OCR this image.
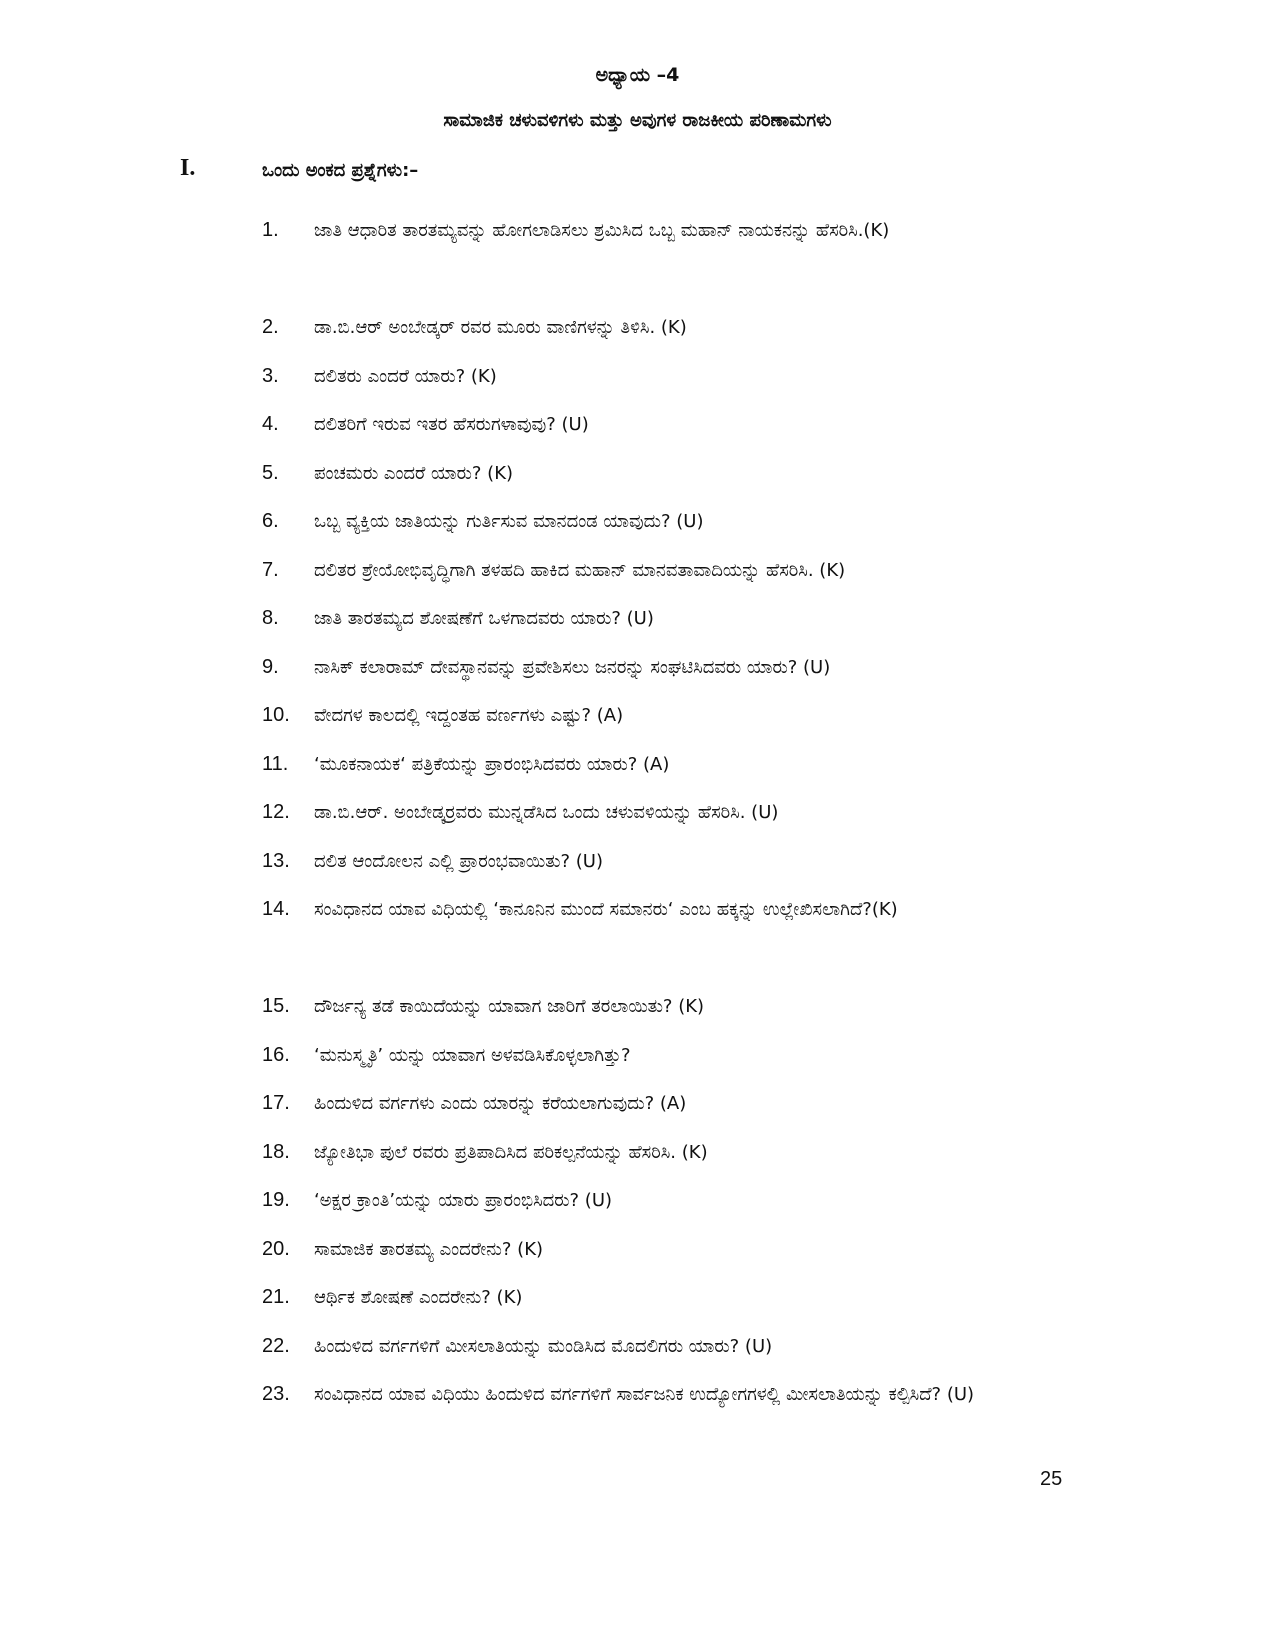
ಅಧ್ಯಾಯ –4
ಸಾಮಾಜಿಕ ಚಳುವಳಿಗಳು ಮತ್ತು ಅವುಗಳ ರಾಜಕೀಯ ಪರಿಣಾಮಗಳು
I.	ಒಂದು ಅಂಕದ ಪ್ರಶ್ನೆಗಳು:–
1.	ಜಾತಿ ಆಧಾರಿತ ತಾರತಮ್ಯವನ್ನು ಹೋಗಲಾಡಿಸಲು ಶ್ರಮಿಸಿದ ಒಬ್ಬ ಮಹಾನ್ ನಾಯಕನನ್ನು ಹೆಸರಿಸಿ.(K)
2.	ಡಾ.ಬಿ.ಆರ್ ಅಂಬೇಡ್ಕರ್ ರವರ ಮೂರು ವಾಣಿಗಳನ್ನು ತಿಳಿಸಿ. (K)
3.	ದಲಿತರು ಎಂದರೆ ಯಾರು? (K)
4.	ದಲಿತರಿಗೆ ಇರುವ ಇತರ ಹೆಸರುಗಳಾವುವು? (U)
5.	ಪಂಚಮರು ಎಂದರೆ ಯಾರು? (K)
6.	ಒಬ್ಬ ವ್ಯಕ್ತಿಯ ಜಾತಿಯನ್ನು ಗುರ್ತಿಸುವ ಮಾನದಂಡ ಯಾವುದು? (U)
7.	ದಲಿತರ ಶ್ರೇಯೋಭಿವೃದ್ಧಿಗಾಗಿ ತಳಹದಿ ಹಾಕಿದ ಮಹಾನ್ ಮಾನವತಾವಾದಿಯನ್ನು ಹೆಸರಿಸಿ. (K)
8.	ಜಾತಿ ತಾರತಮ್ಯದ ಶೋಷಣೆಗೆ ಒಳಗಾದವರು ಯಾರು? (U)
9.	ನಾಸಿಕ್ ಕಲಾರಾಮ್ ದೇವಸ್ಥಾನವನ್ನು ಪ್ರವೇಶಿಸಲು ಜನರನ್ನು ಸಂಘಟಿಸಿದವರು ಯಾರು? (U)
10.	ವೇದಗಳ ಕಾಲದಲ್ಲಿ ಇದ್ದಂತಹ ವರ್ಣಗಳು ಎಷ್ಟು? (A)
11.	‘ಮೂಕನಾಯಕ‘ ಪತ್ರಿಕೆಯನ್ನು ಪ್ರಾರಂಭಿಸಿದವರು ಯಾರು? (A)
12.	ಡಾ.ಬಿ.ಆರ್. ಅಂಬೇಡ್ಕರ್ರವರು ಮುನ್ನಡೆಸಿದ ಒಂದು ಚಳುವಳಿಯನ್ನು ಹೆಸರಿಸಿ. (U)
13.	ದಲಿತ ಆಂದೋಲನ ಎಲ್ಲಿ ಪ್ರಾರಂಭವಾಯಿತು? (U)
14.	ಸಂವಿಧಾನದ ಯಾವ ವಿಧಿಯಲ್ಲಿ ‘ಕಾನೂನಿನ ಮುಂದೆ ಸಮಾನರು‘ ಎಂಬ ಹಕ್ಕನ್ನು ಉಲ್ಲೇಖಿಸಲಾಗಿದೆ?(K)
15.	ದೌರ್ಜನ್ಯ ತಡೆ ಕಾಯಿದೆಯನ್ನು ಯಾವಾಗ ಜಾರಿಗೆ ತರಲಾಯಿತು? (K)
16.	‘ಮನುಸ್ಮೃತಿ’ ಯನ್ನು ಯಾವಾಗ ಅಳವಡಿಸಿಕೊಳ್ಳಲಾಗಿತ್ತು?
17.	ಹಿಂದುಳಿದ ವರ್ಗಗಳು ಎಂದು ಯಾರನ್ನು ಕರೆಯಲಾಗುವುದು? (A)
18.	ಜ್ಯೋತಿಭಾ ಪುಲೆ ರವರು ಪ್ರತಿಪಾದಿಸಿದ ಪರಿಕಲ್ಪನೆಯನ್ನು ಹೆಸರಿಸಿ. (K)
19.	‘ಅಕ್ಷರ ಕ್ರಾಂತಿ’ಯನ್ನು ಯಾರು ಪ್ರಾರಂಭಿಸಿದರು? (U)
20.	ಸಾಮಾಜಿಕ ತಾರತಮ್ಯ ಎಂದರೇನು? (K)
21.	ಆರ್ಥಿಕ ಶೋಷಣೆ ಎಂದರೇನು? (K)
22.	ಹಿಂದುಳಿದ ವರ್ಗಗಳಿಗೆ ಮೀಸಲಾತಿಯನ್ನು ಮಂಡಿಸಿದ ಮೊದಲಿಗರು ಯಾರು? (U)
23.	ಸಂವಿಧಾನದ ಯಾವ ವಿಧಿಯು ಹಿಂದುಳಿದ ವರ್ಗಗಳಿಗೆ ಸಾರ್ವಜನಿಕ ಉದ್ಯೋಗಗಳಲ್ಲಿ ಮೀಸಲಾತಿಯನ್ನು ಕಲ್ಪಿಸಿದೆ? (U)
25
